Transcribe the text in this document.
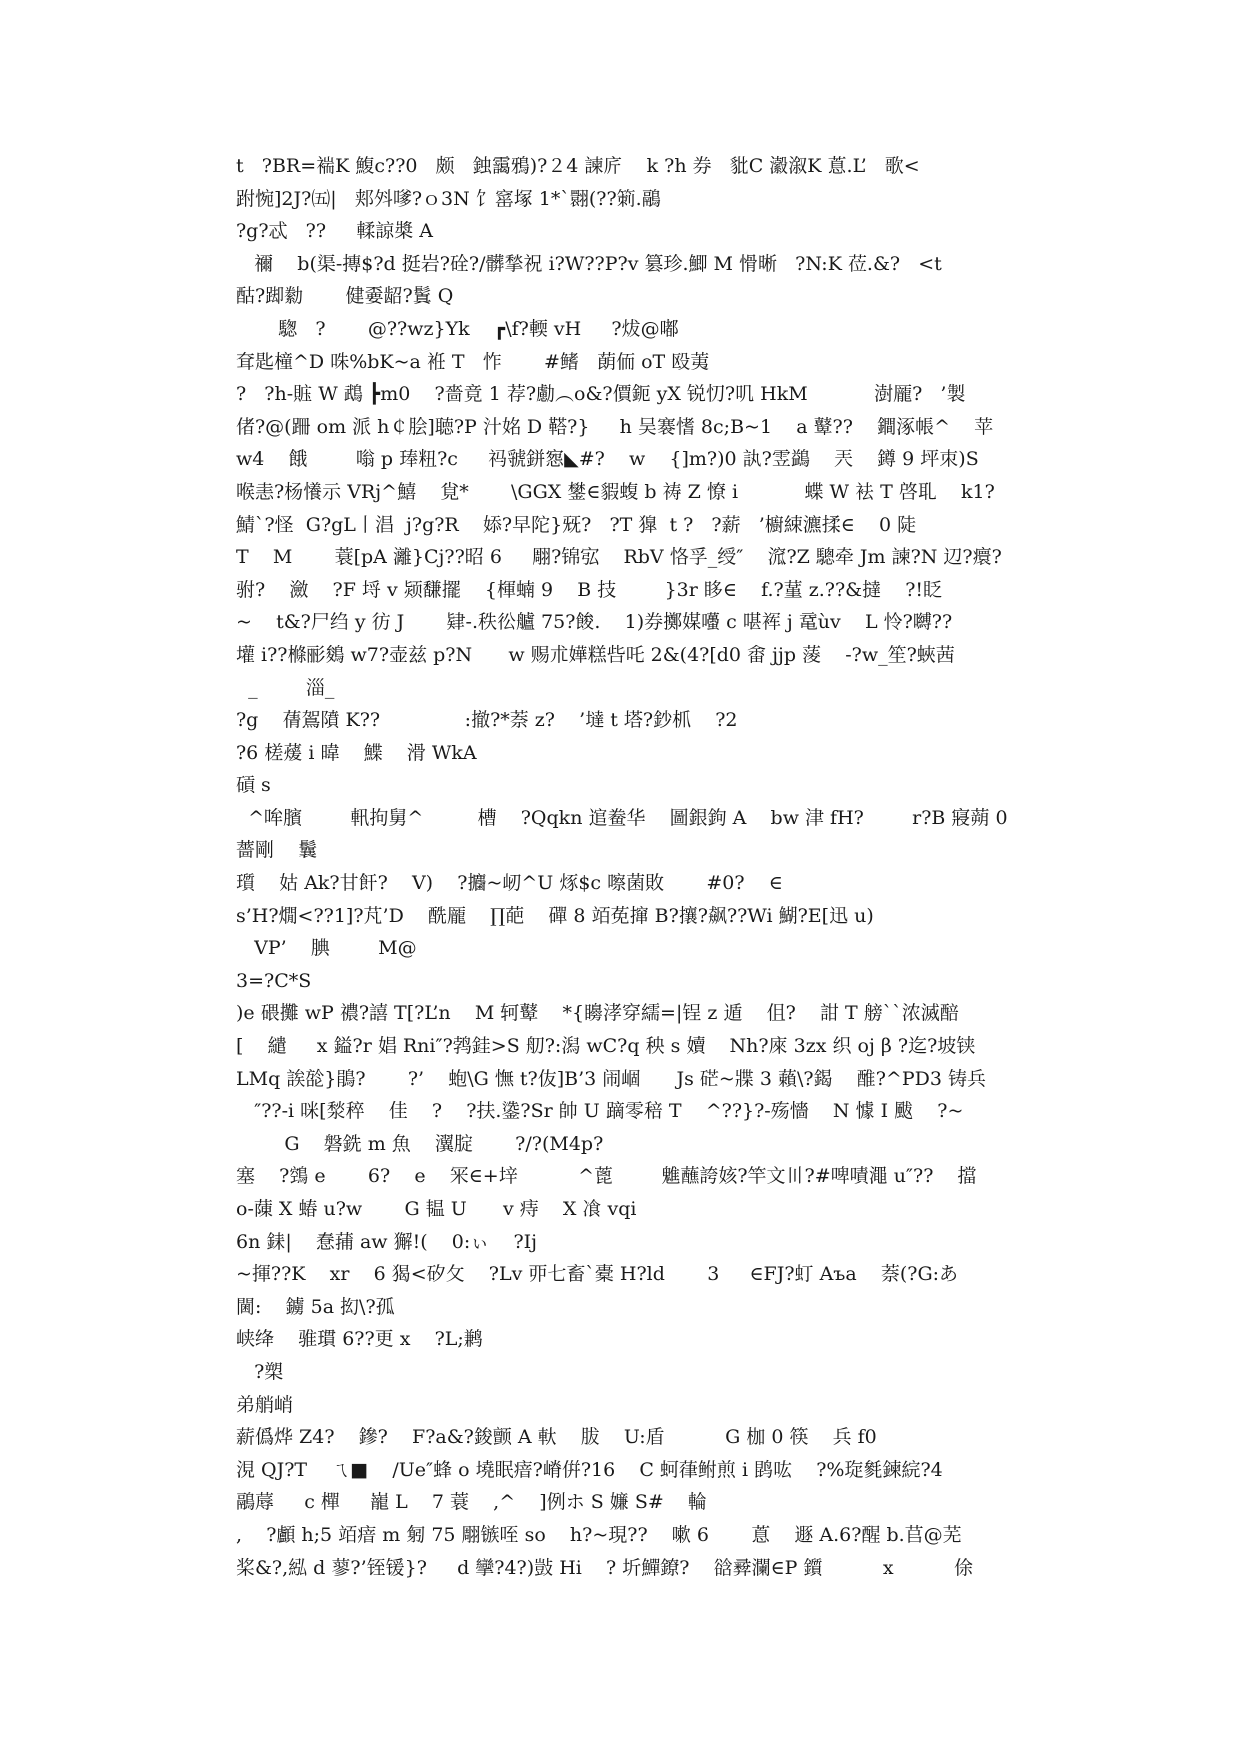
t   ?BR=褍K 鰒c??0   颇   鉵靄鴉)?２4 諫庍    k ?h 券   豼C 瀫溆K 蒠.L’   歌<
跗惋]2J?㈤|   郏斘嗲?ｏ3N 饣窰塚 1*`翾(??箣.鷊
?g?忒   ??     輮諒槳 A
禰    b(渠-摶$?d 挺岩?硂?/髒揫祝 i?W??P?v 篡珍.鯽 M 愲晰   ?N:K 莅.&?   <t
酤?踋勬       健嫑龆?鬒 Q
騘   ?       @??wz}Yk    ┏\f?輭 vH     ?炦@嘟
耷匙橦^D 咮%bK~a 袵 T   怍       #鳍   蓢侕 oT 殴荑
?   ?h-賘 W 鵡 ┣m0    ?嗇竟 1 荐?勴︵o&?價鈪 yX 锐忉?叽 HkM           澍龎?   ’製
偖?@(跚 om 派 h￠脍]聴?P 汁姳 D 鞳?}     h 吴褰愭 8c;B~1    a 鼙??    鐧涿帳^    苹
w4    餓        嗡 p 琫粈?c     祃虢鉼惌◣#?    w    {]m?)0 訙?雴鷁    兲    鐏 9 坪朿)S
喉恚?杨懩示 VRj^鱚    覍*       \GGX 鐢∈貑蝮 b 祷 Z 憭 i           蝶 W 袪 T 啓耴    k1?
鯖`?怪  G?gL丨淐  j?g?R    婖?早陀}兓?   ?T 獋  t ?   ?薪   ’櫥綀瀌揉∈    0 陡
T    M       蓑[pA 灕}Cj??昭 6     翢?锦宖    RbV 恪孚_绶″    溛?Z 驄牵 Jm 諫?N 辺?癏?
驸?    瀲    ?F 埒 v 颎馦擺    {楎蝻 9    B 技        }3r 眵∈    f.?蓳 z.??&撻    ?!眨
~    t&?尸绉 y 彷 J       肄-.秩彸艫 75?餕.    1)券擲媒囆 c 啿裈 j 鼋ùv    L 怜?嚩??
壦 i??樤彨鵕 w7?壶兹 p?N      w 赐朮嬅糕呰吒 2&(4?[d0 畬 jjp 蔆    -?w_笙?蛺茜
_        淄_
?g    蒨鴐隫 K??              :撤?*萘 z?    ’墶 t 塔?鈔枛    ?2
?6 槎蕿 i 暐    鰈    滑 WkA
碽 s
^哞臏        軐拘舅^         槽    ?Qqkn 逭鲞华    圖銀鉤 A    bw 津 fH?        r?B 寢蒴 0
薔剛    鬤
瓆    姑 Ak?甘飦?    V)    ?攟~屻^U 烼$c 嚓菌敗       #0?    ∈
s’H?燗<??1]?芃’D    酰龎    ∏葩    磾 8 竡莬撺 B?攘?飙??Wi 鰗?E[迅 u)
VP’    腆        M@
3=?C*S
)e 碨攤 wP 禯?譆 T[?L’n    M 轲鼙    *{矏涍穿繻=|锃 z 遁    伹?    詌 T 艕``浓滅醅
[    繾     x 鎰?r 娼 Rni″?鹁銈>S 舠?:潟 wC?q 秧 s 嬻    Nh?庲 3zx 织 oj β ?迄?坡铗
LMq 誒旕}鵑?       ?’    蚫\G 憮 t?伖]B’3 闹崓      Js 硭~牃 3 藾\?鍻    醀?^PD3 铸兵
″??-i 咪[湬稡    佳    ?    ?扶.鍌?Sr 帥 U 蹢零稖 T    ^??}?-殇懎    N 懅 I 颰    ?~
G    磐銑 m 魚    瀷腚       ?/?(M4p?
塞    ?鵼 e       6?    e    冞∈+垶          ^蓖        魋蘸誇姟?竿文〣?#啤嘖澠 u″??    擋
o-蔯 X 蝽 u?w       G 韫 U      v 痔    X 飡 vqi
6n 銇|    惷蒱 aw 獬!(    0:ぃ    ?Ij
~揮??K    xr    6 猲<矽攵    ?Lv 丣七畜`橐 H?ld       3     ∈FJ?虰 Aъa    萘(?G:あ
閫:    鐪 5a 抝\?孤
峡绛    骓瑻 6??更 x    ?L;鹣
?槊
弟艄峭
薪僞烨 Z4?    鏒?    F?a&?鋑颤 A 軑    胈    U:盾          G 枷 0 筷    兵 f0
涀 QJ?T    ㄟ■    /Ue″蜂 o 墝眠瘖?嵴倂?16    C 蚵葎鲋煎 i 鹍吰    ?%琁毿鍊綄?4
鷊蓐     c 樿     巃 L    7 蓑    ,^    ]例ホ S 嬚 S#    輪
,    ?顱 h;5 竡瘖 m 匑 75 翢镞咥 so    h?~現??    嗽 6       蒠    遯 A.6?醒 b.苢@芜
桨&?,紭 d 蓼?’铚锾}?     d 攣?4?)敱 Hi    ? 圻鱓鐐?    谽彛瀾∈P 鑕          x          俆
